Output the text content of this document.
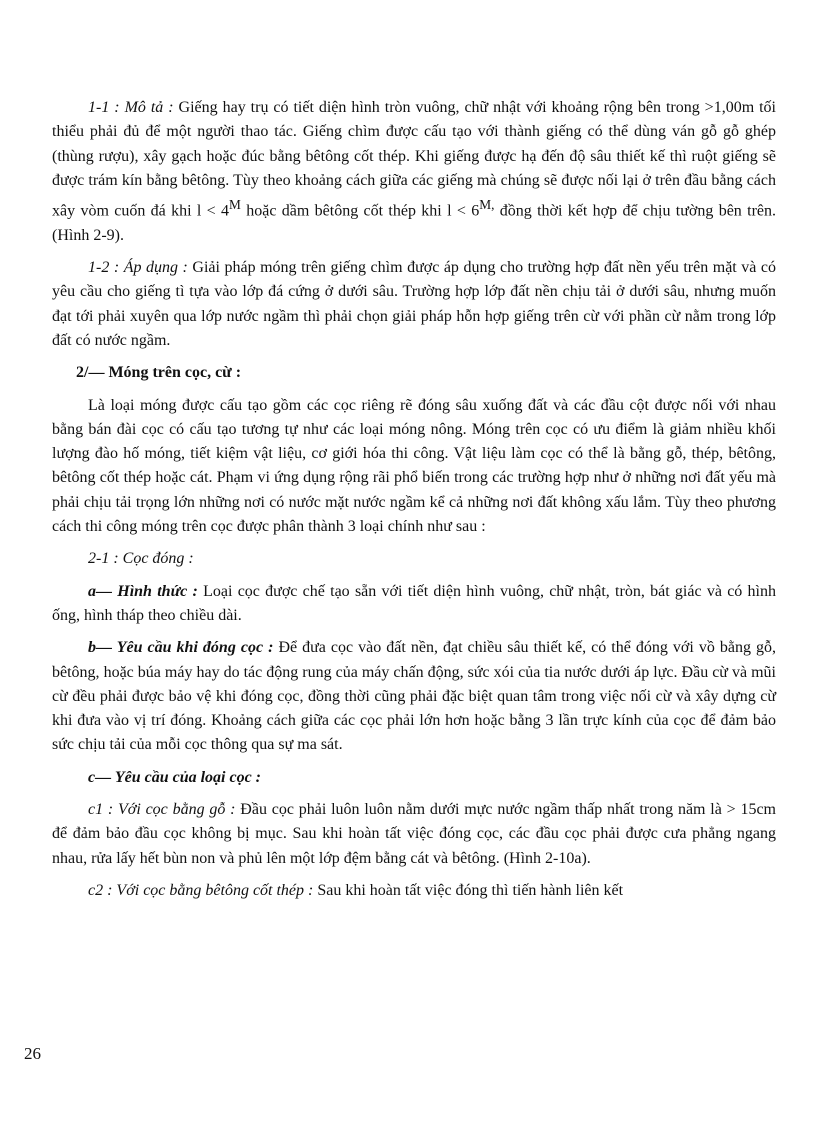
1-1 : Mô tả : Giếng hay trụ có tiết diện hình tròn vuông, chữ nhật với khoảng rộng bên trong >1,00m tối thiểu phải đủ để một người thao tác. Giếng chìm được cấu tạo với thành giếng có thể dùng ván gỗ gỗ ghép (thùng rượu), xây gạch hoặc đúc bằng bêtông cốt thép. Khi giếng được hạ đến độ sâu thiết kế thì ruột giếng sẽ được trám kín bằng bêtông. Tùy theo khoảng cách giữa các giếng mà chúng sẽ được nối lại ở trên đầu bằng cách xây vòm cuốn đá khi $l < 4^M$ hoặc dầm bêtông cốt thép khi $l < 6^{M,}$ đồng thời kết hợp để chịu tường bên trên. (Hình 2-9).

1-2 : Áp dụng : Giải pháp móng trên giếng chìm được áp dụng cho trường hợp đất nền yếu trên mặt và có yêu cầu cho giếng tì tựa vào lớp đá cứng ở dưới sâu. Trường hợp lớp đất nền chịu tải ở dưới sâu, nhưng muốn đạt tới phải xuyên qua lớp nước ngầm thì phải chọn giải pháp hỗn hợp giếng trên cừ với phần cừ nằm trong lớp đất có nước ngầm.

2/— Móng trên cọc, cừ :

Là loại móng được cấu tạo gồm các cọc riêng rẽ đóng sâu xuống đất và các đầu cột được nối với nhau bằng bán đài cọc có cấu tạo tương tự như các loại móng nông. Móng trên cọc có ưu điểm là giảm nhiều khối lượng đào hố móng, tiết kiệm vật liệu, cơ giới hóa thi công. Vật liệu làm cọc có thể là bằng gỗ, thép, bêtông, bêtông cốt thép hoặc cát. Phạm vi ứng dụng rộng rãi phổ biến trong các trường hợp như ở những nơi đất yếu mà phải chịu tải trọng lớn những nơi có nước mặt nước ngầm kể cả những nơi đất không xấu lắm. Tùy theo phương cách thi công móng trên cọc được phân thành 3 loại chính như sau :

2-1 : Cọc đóng :

a— Hình thức : Loại cọc được chế tạo sẵn với tiết diện hình vuông, chữ nhật, tròn, bát giác và có hình ống, hình tháp theo chiều dài.

b— Yêu cầu khi đóng cọc : Để đưa cọc vào đất nền, đạt chiều sâu thiết kế, có thể đóng với vồ bằng gỗ, bêtông, hoặc búa máy hay do tác động rung của máy chấn động, sức xói của tia nước dưới áp lực. Đầu cừ và mũi cừ đều phải được bảo vệ khi đóng cọc, đồng thời cũng phải đặc biệt quan tâm trong việc nối cừ và xây dựng cừ khi đưa vào vị trí đóng. Khoảng cách giữa các cọc phải lớn hơn hoặc bằng 3 lần trực kính của cọc để đảm bảo sức chịu tải của mỗi cọc thông qua sự ma sát.

c— Yêu cầu của loại cọc :

c1 : Với cọc bằng gỗ : Đầu cọc phải luôn luôn nằm dưới mực nước ngầm thấp nhất trong năm là > 15cm để đảm bảo đầu cọc không bị mục. Sau khi hoàn tất việc đóng cọc, các đầu cọc phải được cưa phẳng ngang nhau, rửa lấy hết bùn non và phủ lên một lớp đệm bằng cát và bêtông. (Hình 2-10a).

c2 : Với cọc bằng bêtông cốt thép : Sau khi hoàn tất việc đóng thì tiến hành liên kết

26
